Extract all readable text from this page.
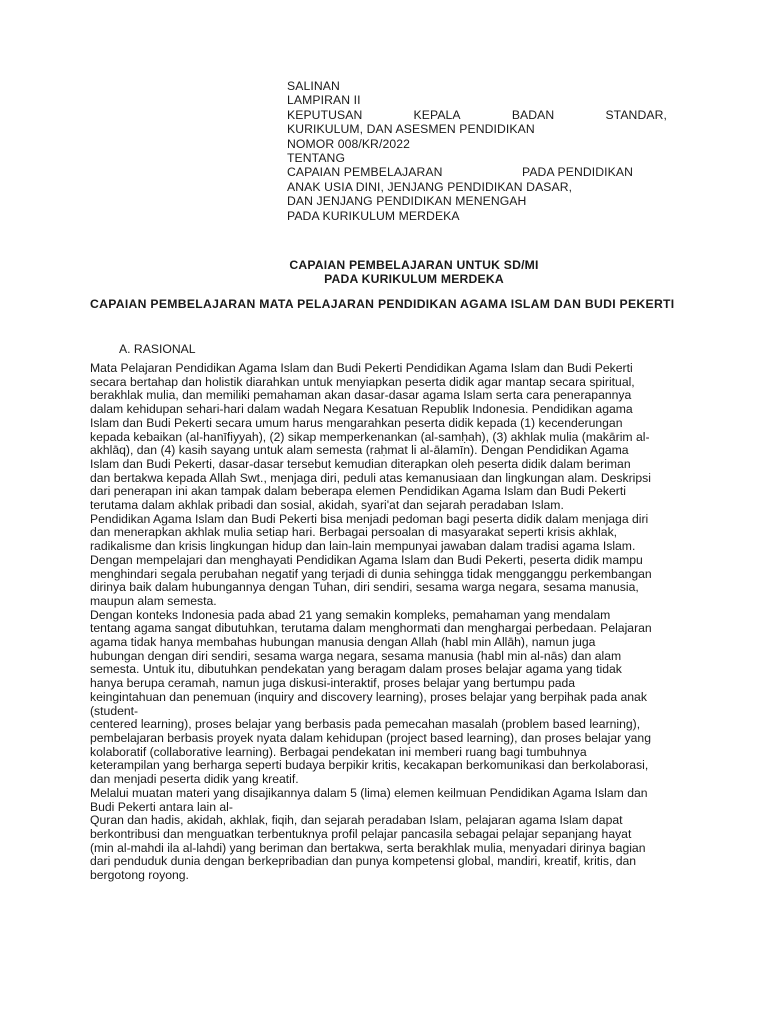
SALINAN
LAMPIRAN II
KEPUTUSAN	KEPALA	BADAN	STANDAR,
KURIKULUM, DAN ASESMEN PENDIDIKAN
NOMOR 008/KR/2022
TENTANG
CAPAIAN PEMBELAJARAN	PADA PENDIDIKAN
ANAK USIA DINI, JENJANG PENDIDIKAN DASAR,
DAN JENJANG PENDIDIKAN MENENGAH
PADA KURIKULUM MERDEKA
CAPAIAN PEMBELAJARAN UNTUK SD/MI
PADA KURIKULUM MERDEKA
CAPAIAN PEMBELAJARAN MATA PELAJARAN PENDIDIKAN AGAMA ISLAM DAN BUDI PEKERTI
A. RASIONAL
Mata Pelajaran Pendidikan Agama Islam dan Budi Pekerti Pendidikan Agama Islam dan Budi Pekerti
secara bertahap dan holistik diarahkan untuk menyiapkan peserta didik agar mantap secara spiritual,
berakhlak mulia, dan memiliki pemahaman akan dasar-dasar agama Islam serta cara penerapannya
dalam kehidupan sehari-hari dalam wadah Negara Kesatuan Republik Indonesia. Pendidikan agama
Islam dan Budi Pekerti secara umum harus mengarahkan peserta didik kepada (1) kecenderungan
kepada kebaikan (al-hanīfiyyah), (2) sikap memperkenankan (al-samḥah), (3) akhlak mulia (makārim al-
akhlāq), dan (4) kasih sayang untuk alam semesta (raḥmat li al-ālamīn). Dengan Pendidikan Agama
Islam dan Budi Pekerti, dasar-dasar tersebut kemudian diterapkan oleh peserta didik dalam beriman
dan bertakwa kepada Allah Swt., menjaga diri, peduli atas kemanusiaan dan lingkungan alam. Deskripsi
dari penerapan ini akan tampak dalam beberapa elemen Pendidikan Agama Islam dan Budi Pekerti
terutama dalam akhlak pribadi dan sosial, akidah, syari'at dan sejarah peradaban Islam.
Pendidikan Agama Islam dan Budi Pekerti bisa menjadi pedoman bagi peserta didik dalam menjaga diri
dan menerapkan akhlak mulia setiap hari. Berbagai persoalan di masyarakat seperti krisis akhlak,
radikalisme dan krisis lingkungan hidup dan lain-lain mempunyai jawaban dalam tradisi agama Islam.
Dengan mempelajari dan menghayati Pendidikan Agama Islam dan Budi Pekerti, peserta didik mampu
menghindari segala perubahan negatif yang terjadi di dunia sehingga tidak mengganggu perkembangan
dirinya baik dalam hubungannya dengan Tuhan, diri sendiri, sesama warga negara, sesama manusia,
maupun alam semesta.
Dengan konteks Indonesia pada abad 21 yang semakin kompleks, pemahaman yang mendalam
tentang agama sangat dibutuhkan, terutama dalam menghormati dan menghargai perbedaan. Pelajaran
agama tidak hanya membahas hubungan manusia dengan Allah (habl min Allāh), namun juga
hubungan dengan diri sendiri, sesama warga negara, sesama manusia (habl min al-nās) dan alam
semesta. Untuk itu, dibutuhkan pendekatan yang beragam dalam proses belajar agama yang tidak
hanya berupa ceramah, namun juga diskusi-interaktif, proses belajar yang bertumpu pada
keingintahuan dan penemuan (inquiry and discovery learning), proses belajar yang berpihak pada anak
(student-
centered learning), proses belajar yang berbasis pada pemecahan masalah (problem based learning),
pembelajaran berbasis proyek nyata dalam kehidupan (project based learning), dan proses belajar yang
kolaboratif (collaborative learning). Berbagai pendekatan ini memberi ruang bagi tumbuhnya
keterampilan yang berharga seperti budaya berpikir kritis, kecakapan berkomunikasi dan berkolaborasi,
dan menjadi peserta didik yang kreatif.
Melalui muatan materi yang disajikannya dalam 5 (lima) elemen keilmuan Pendidikan Agama Islam dan
Budi Pekerti antara lain al-
Quran dan hadis, akidah, akhlak, fiqih, dan sejarah peradaban Islam, pelajaran agama Islam dapat
berkontribusi dan menguatkan terbentuknya profil pelajar pancasila sebagai pelajar sepanjang hayat
(min al-mahdi ila al-lahdi) yang beriman dan bertakwa, serta berakhlak mulia, menyadari dirinya bagian
dari penduduk dunia dengan berkepribadian dan punya kompetensi global, mandiri, kreatif, kritis, dan
bergotong royong.
